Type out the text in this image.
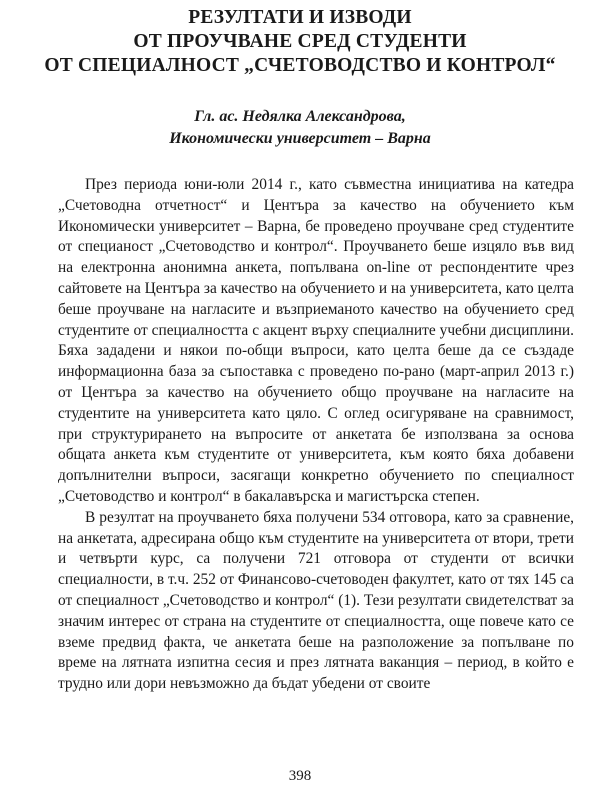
РЕЗУЛТАТИ И ИЗВОДИ
ОТ ПРОУЧВАНЕ СРЕД СТУДЕНТИ
ОТ СПЕЦИАЛНОСТ „СЧЕТОВОДСТВО И КОНТРОЛ“
Гл. ас. Недялка Александрова,
Икономически университет – Варна

През периода юни-юли 2014 г., като съвместна инициатива на катедра „Счетоводна отчетност“ и Центъра за качество на обучението към Икономически университет – Варна, бе проведено проучване сред студентите от специаност „Счетоводство и контрол“. Проучването беше изцяло във вид на електронна анонимна анкета, попълвана on-line от респондентите чрез сайтовете на Центъра за качество на обучението и на университета, като целта беше проучване на нагласите и възприеманото качество на обучението сред студентите от специалността с акцент върху специалните учебни дисциплини. Бяха зададени и някои по-общи въпроси, като целта беше да се създаде информационна база за съпоставка с проведено по-рано (март-април 2013 г.) от Центъра за качество на обучението общо проучване на нагласите на студентите на университета като цяло. С оглед осигуряване на сравнимост, при структурирането на въпросите от анкетата бе използвана за основа общата анкета към студентите от университета, към която бяха добавени допълнителни въпроси, засягащи конкретно обучението по специалност „Счетоводство и контрол“ в бакалавърска и магистърска степен.

В резултат на проучването бяха получени 534 отговора, като за сравнение, на анкетата, адресирана общо към студентите на университета от втори, трети и четвърти курс, са получени 721 отговора от студенти от всички специалности, в т.ч. 252 от Финансово-счетоводен факултет, като от тях 145 са от специалност „Счетоводство и контрол“ (1). Тези резултати свидетелстват за значим интерес от страна на студентите от специалността, още повече като се вземе предвид факта, че анкетата беше на разположение за попълване по време на лятната изпитна сесия и през лятната ваканция – период, в който е трудно или дори невъзможно да бъдат убедени от своите

398
